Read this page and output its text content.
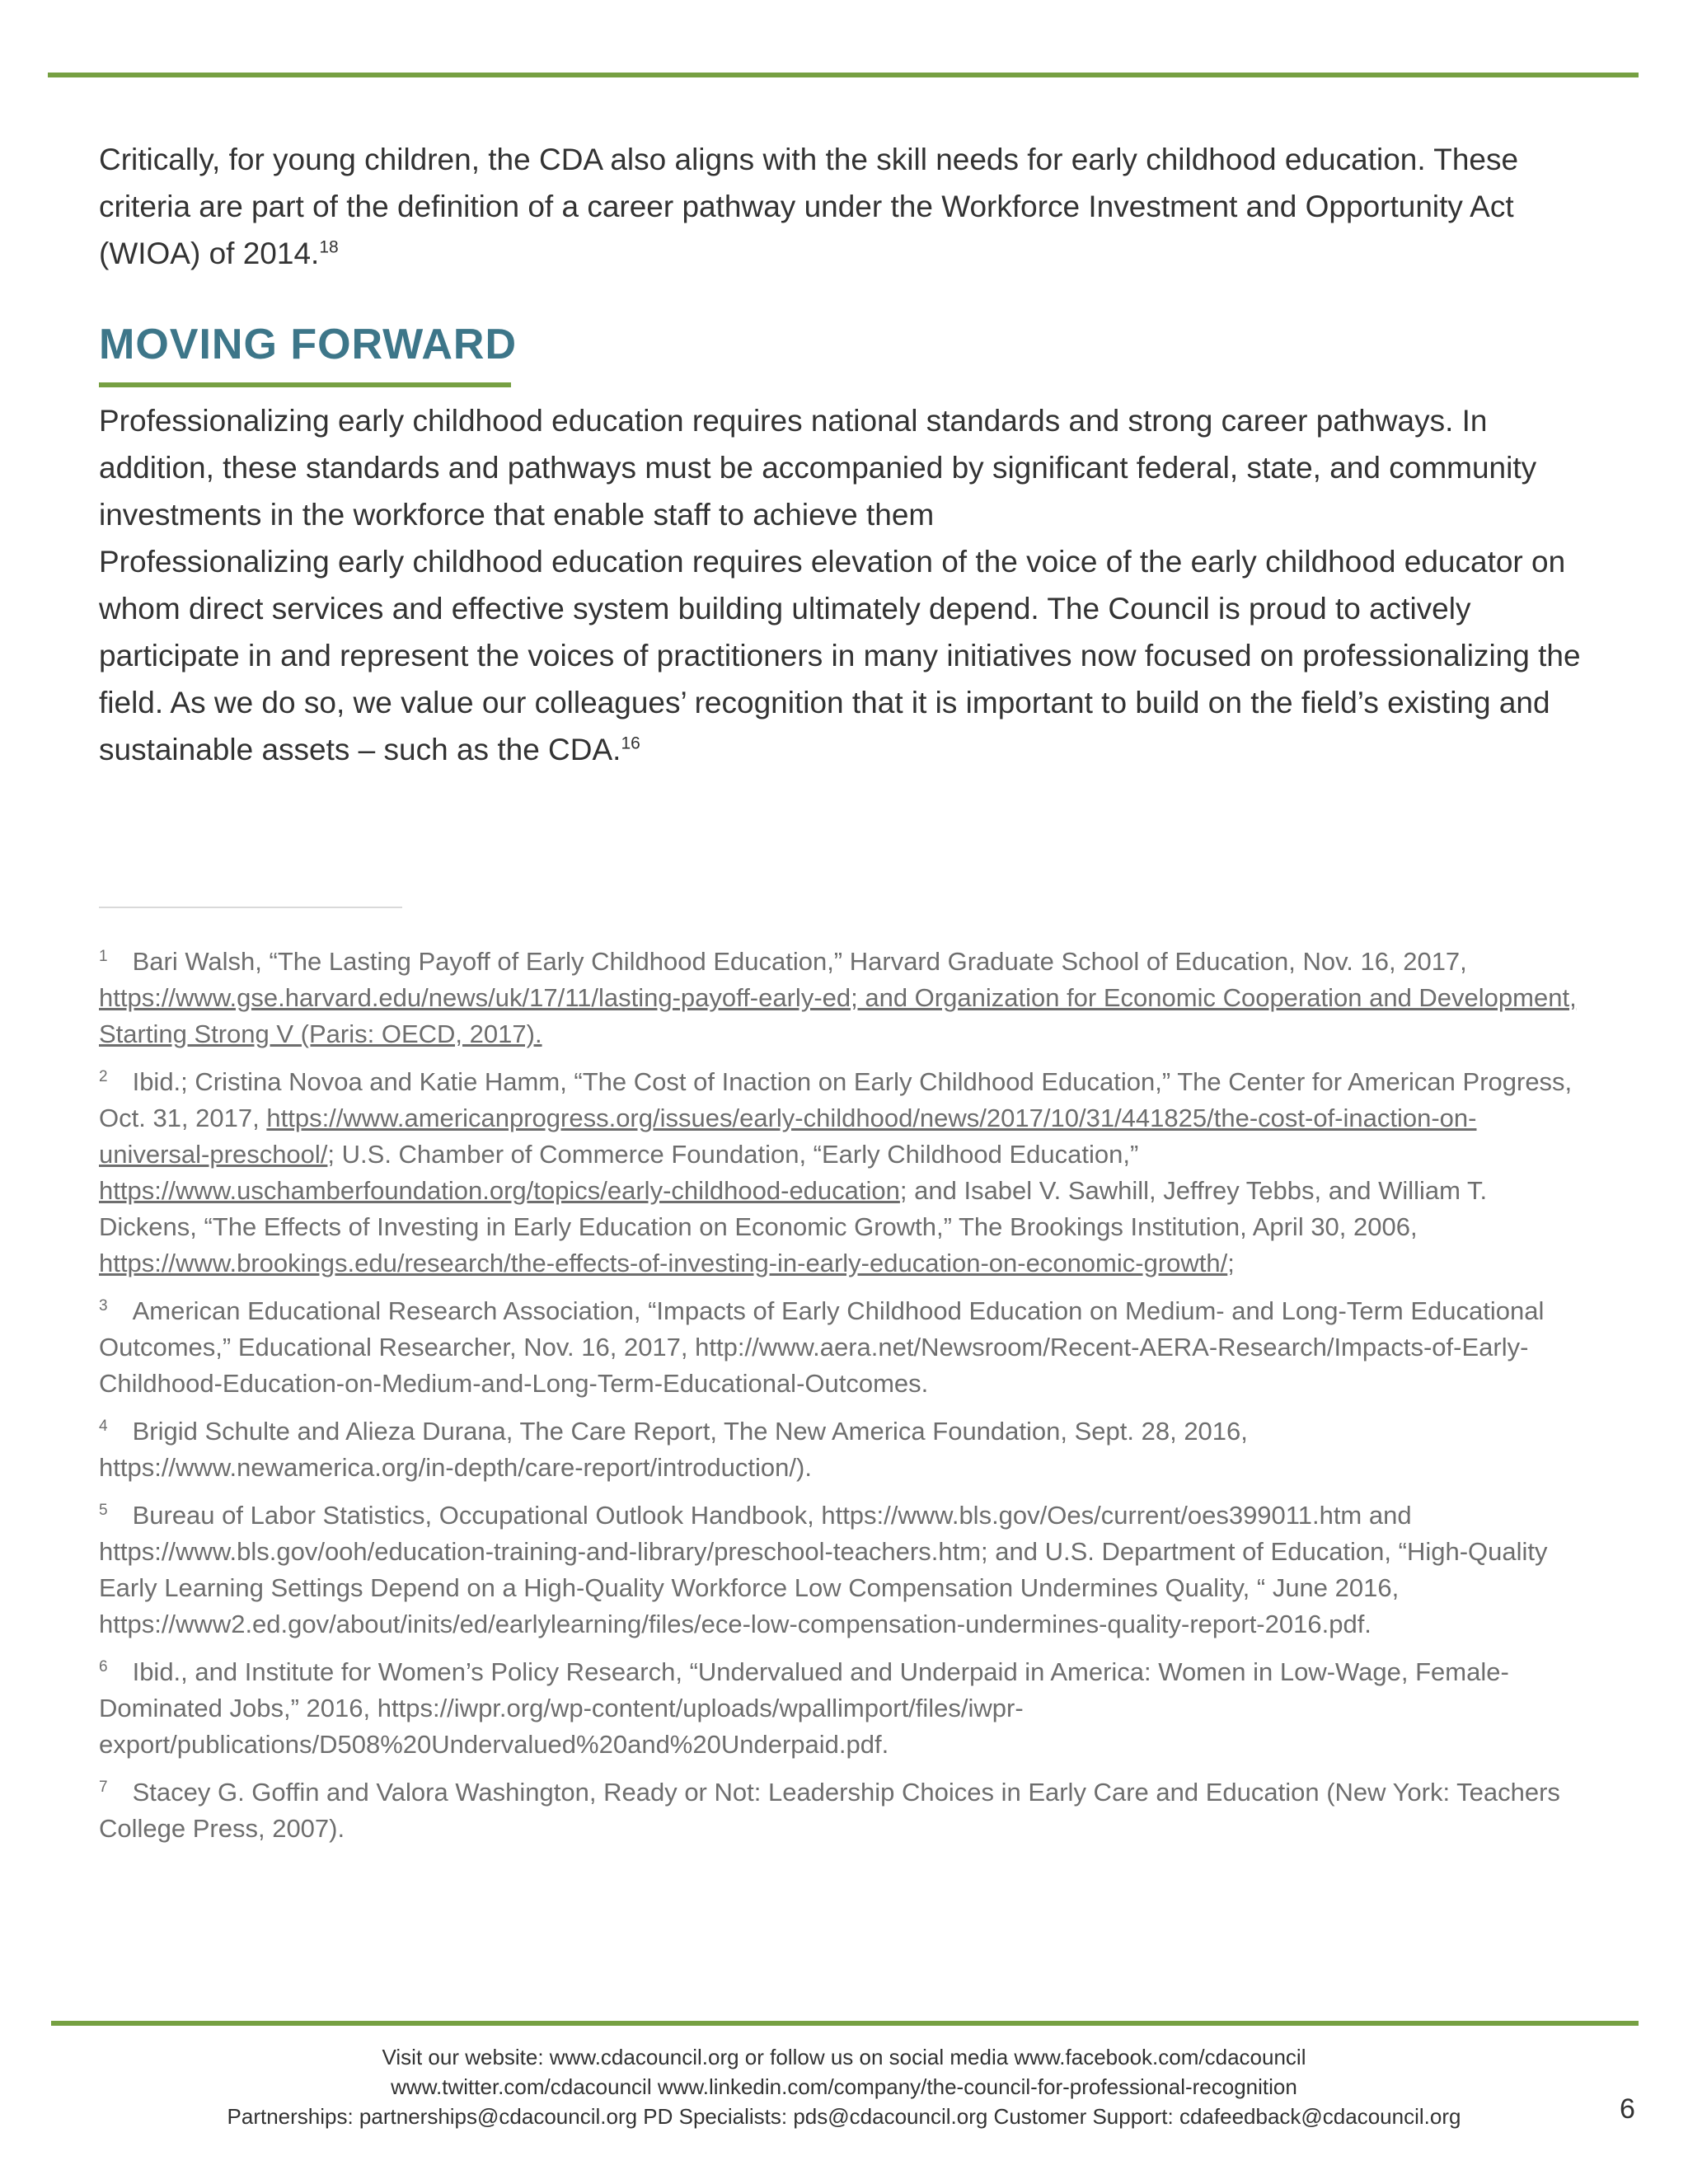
Critically, for young children, the CDA also aligns with the skill needs for early childhood education. These criteria are part of the definition of a career pathway under the Workforce Investment and Opportunity Act (WIOA) of 2014.18

MOVING FORWARD

Professionalizing early childhood education requires national standards and strong career pathways. In addition, these standards and pathways must be accompanied by significant federal, state, and community investments in the workforce that enable staff to achieve them

Professionalizing early childhood education requires elevation of the voice of the early childhood educator on whom direct services and effective system building ultimately depend. The Council is proud to actively participate in and represent the voices of practitioners in many initiatives now focused on professionalizing the field. As we do so, we value our colleagues’ recognition that it is important to build on the field’s existing and sustainable assets – such as the CDA.$^{16}$

$^1$ Bari Walsh, “The Lasting Payoff of Early Childhood Education,” Harvard Graduate School of Education, Nov. 16, 2017, https://www.gse.harvard.edu/news/uk/17/11/lasting-payoff-early-ed; and Organization for Economic Cooperation and Development, Starting Strong V (Paris: OECD, 2017).

$^2$ Ibid.; Cristina Novoa and Katie Hamm, “The Cost of Inaction on Early Childhood Education,” The Center for American Progress, Oct. 31, 2017, https://www.americanprogress.org/issues/early-childhood/news/2017/10/31/441825/the-cost-of-inaction-on-universal-preschool/; U.S. Chamber of Commerce Foundation, “Early Childhood Education,” https://www.uschamberfoundation.org/topics/early-childhood-education; and Isabel V. Sawhill, Jeffrey Tebbs, and William T. Dickens, “The Effects of Investing in Early Education on Economic Growth,” The Brookings Institution, April 30, 2006, https://www.brookings.edu/research/the-effects-of-investing-in-early-education-on-economic-growth/;

$^3$ American Educational Research Association, “Impacts of Early Childhood Education on Medium- and Long-Term Educational Outcomes,” Educational Researcher, Nov. 16, 2017, http://www.aera.net/Newsroom/Recent-AERA-Research/Impacts-of-Early-Childhood-Education-on-Medium-and-Long-Term-Educational-Outcomes.

$^4$ Brigid Schulte and Alieza Durana, The Care Report, The New America Foundation, Sept. 28, 2016, https://www.newamerica.org/in-depth/care-report/introduction/).

$^5$ Bureau of Labor Statistics, Occupational Outlook Handbook, https://www.bls.gov/Oes/current/oes399011.htm and https://www.bls.gov/ooh/education-training-and-library/preschool-teachers.htm; and U.S. Department of Education, “High-Quality Early Learning Settings Depend on a High-Quality Workforce Low Compensation Undermines Quality, “ June 2016, https://www2.ed.gov/about/inits/ed/earlylearning/files/ece-low-compensation-undermines-quality-report-2016.pdf.

$^6$ Ibid., and Institute for Women’s Policy Research, “Undervalued and Underpaid in America: Women in Low-Wage, Female-Dominated Jobs,” 2016, https://iwpr.org/wp-content/uploads/wpallimport/files/iwpr-export/publications/D508%20Undervalued%20and%20Underpaid.pdf.

$^7$ Stacey G. Goffin and Valora Washington, Ready or Not: Leadership Choices in Early Care and Education (New York: Teachers College Press, 2007).

Visit our website: www.cdacouncil.org or follow us on social media www.facebook.com/cdacouncil
www.twitter.com/cdacouncil www.linkedin.com/company/the-council-for-professional-recognition
Partnerships: partnerships@cdacouncil.org PD Specialists: pds@cdacouncil.org Customer Support: cdafeedback@cdacouncil.org	6
